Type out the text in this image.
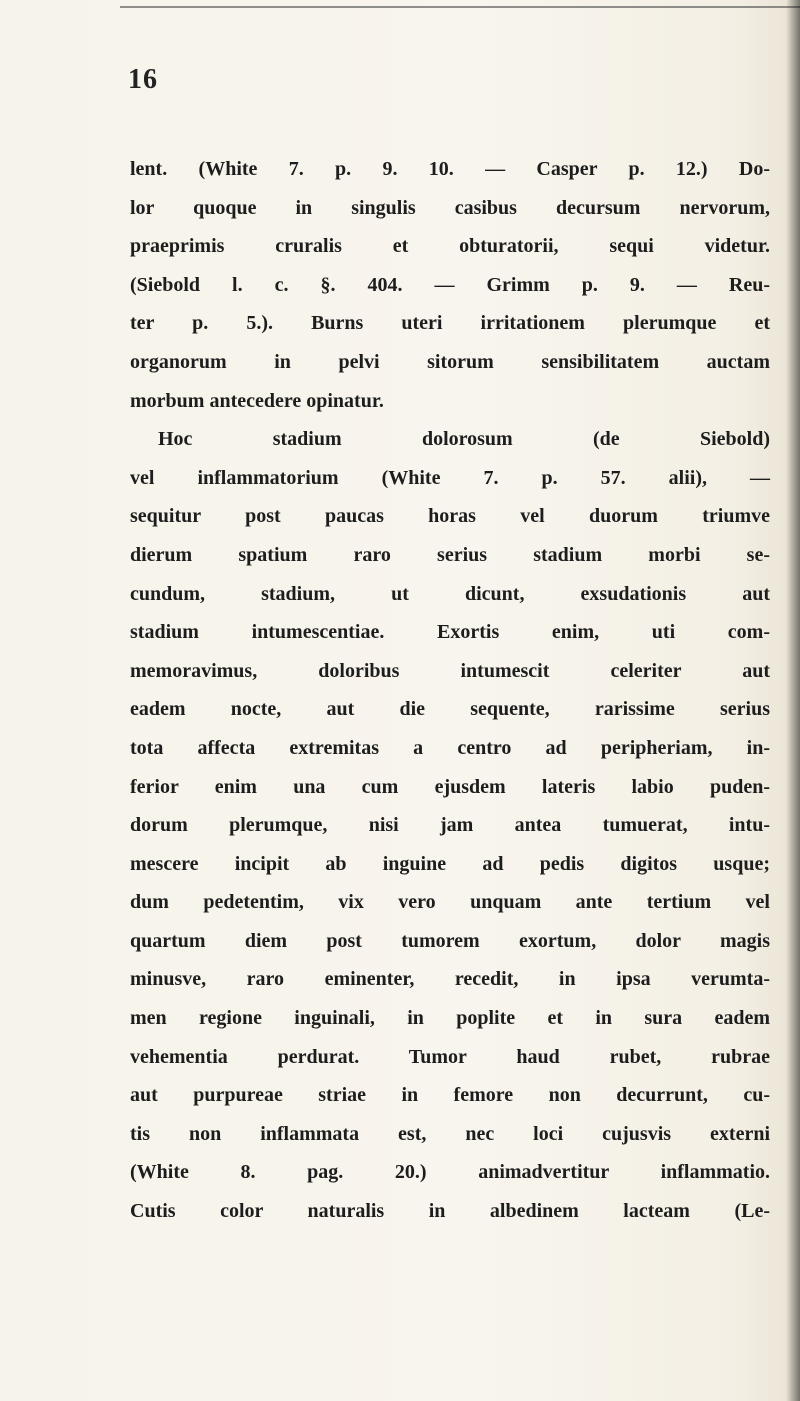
16
lent. (White 7. p. 9. 10. — Casper p. 12.) Do-
lor quoque in singulis casibus decursum nervorum,
praeprimis cruralis et obturatorii, sequi videtur.
(Siebold l. c. §. 404. — Grimm p. 9. — Reu-
ter p. 5.). Burns uteri irritationem plerumque et
organorum in pelvi sitorum sensibilitatem auctam
morbum antecedere opinatur.
Hoc stadium dolorosum (de Siebold)
vel inflammatorium (White 7. p. 57. alii), —
sequitur post paucas horas vel duorum triumve
dierum spatium raro serius stadium morbi se-
cundum, stadium, ut dicunt, exsudationis aut
stadium intumescentiae. Exortis enim, uti com-
memoravimus, doloribus intumescit celeriter aut
eadem nocte, aut die sequente, rarissime serius
tota affecta extremitas a centro ad peripheriam, in-
ferior enim una cum ejusdem lateris labio puden-
dorum plerumque, nisi jam antea tumuerat, intu-
mescere incipit ab inguine ad pedis digitos usque;
dum pedetentim, vix vero unquam ante tertium vel
quartum diem post tumorem exortum, dolor magis
minusve, raro eminenter, recedit, in ipsa verumta-
men regione inguinali, in poplite et in sura eadem
vehementia perdurat. Tumor haud rubet, rubrae
aut purpureae striae in femore non decurrunt, cu-
tis non inflammata est, nec loci cujusvis externi
(White 8. pag. 20.) animadvertitur inflammatio.
Cutis color naturalis in albedinem lacteam (Le-
